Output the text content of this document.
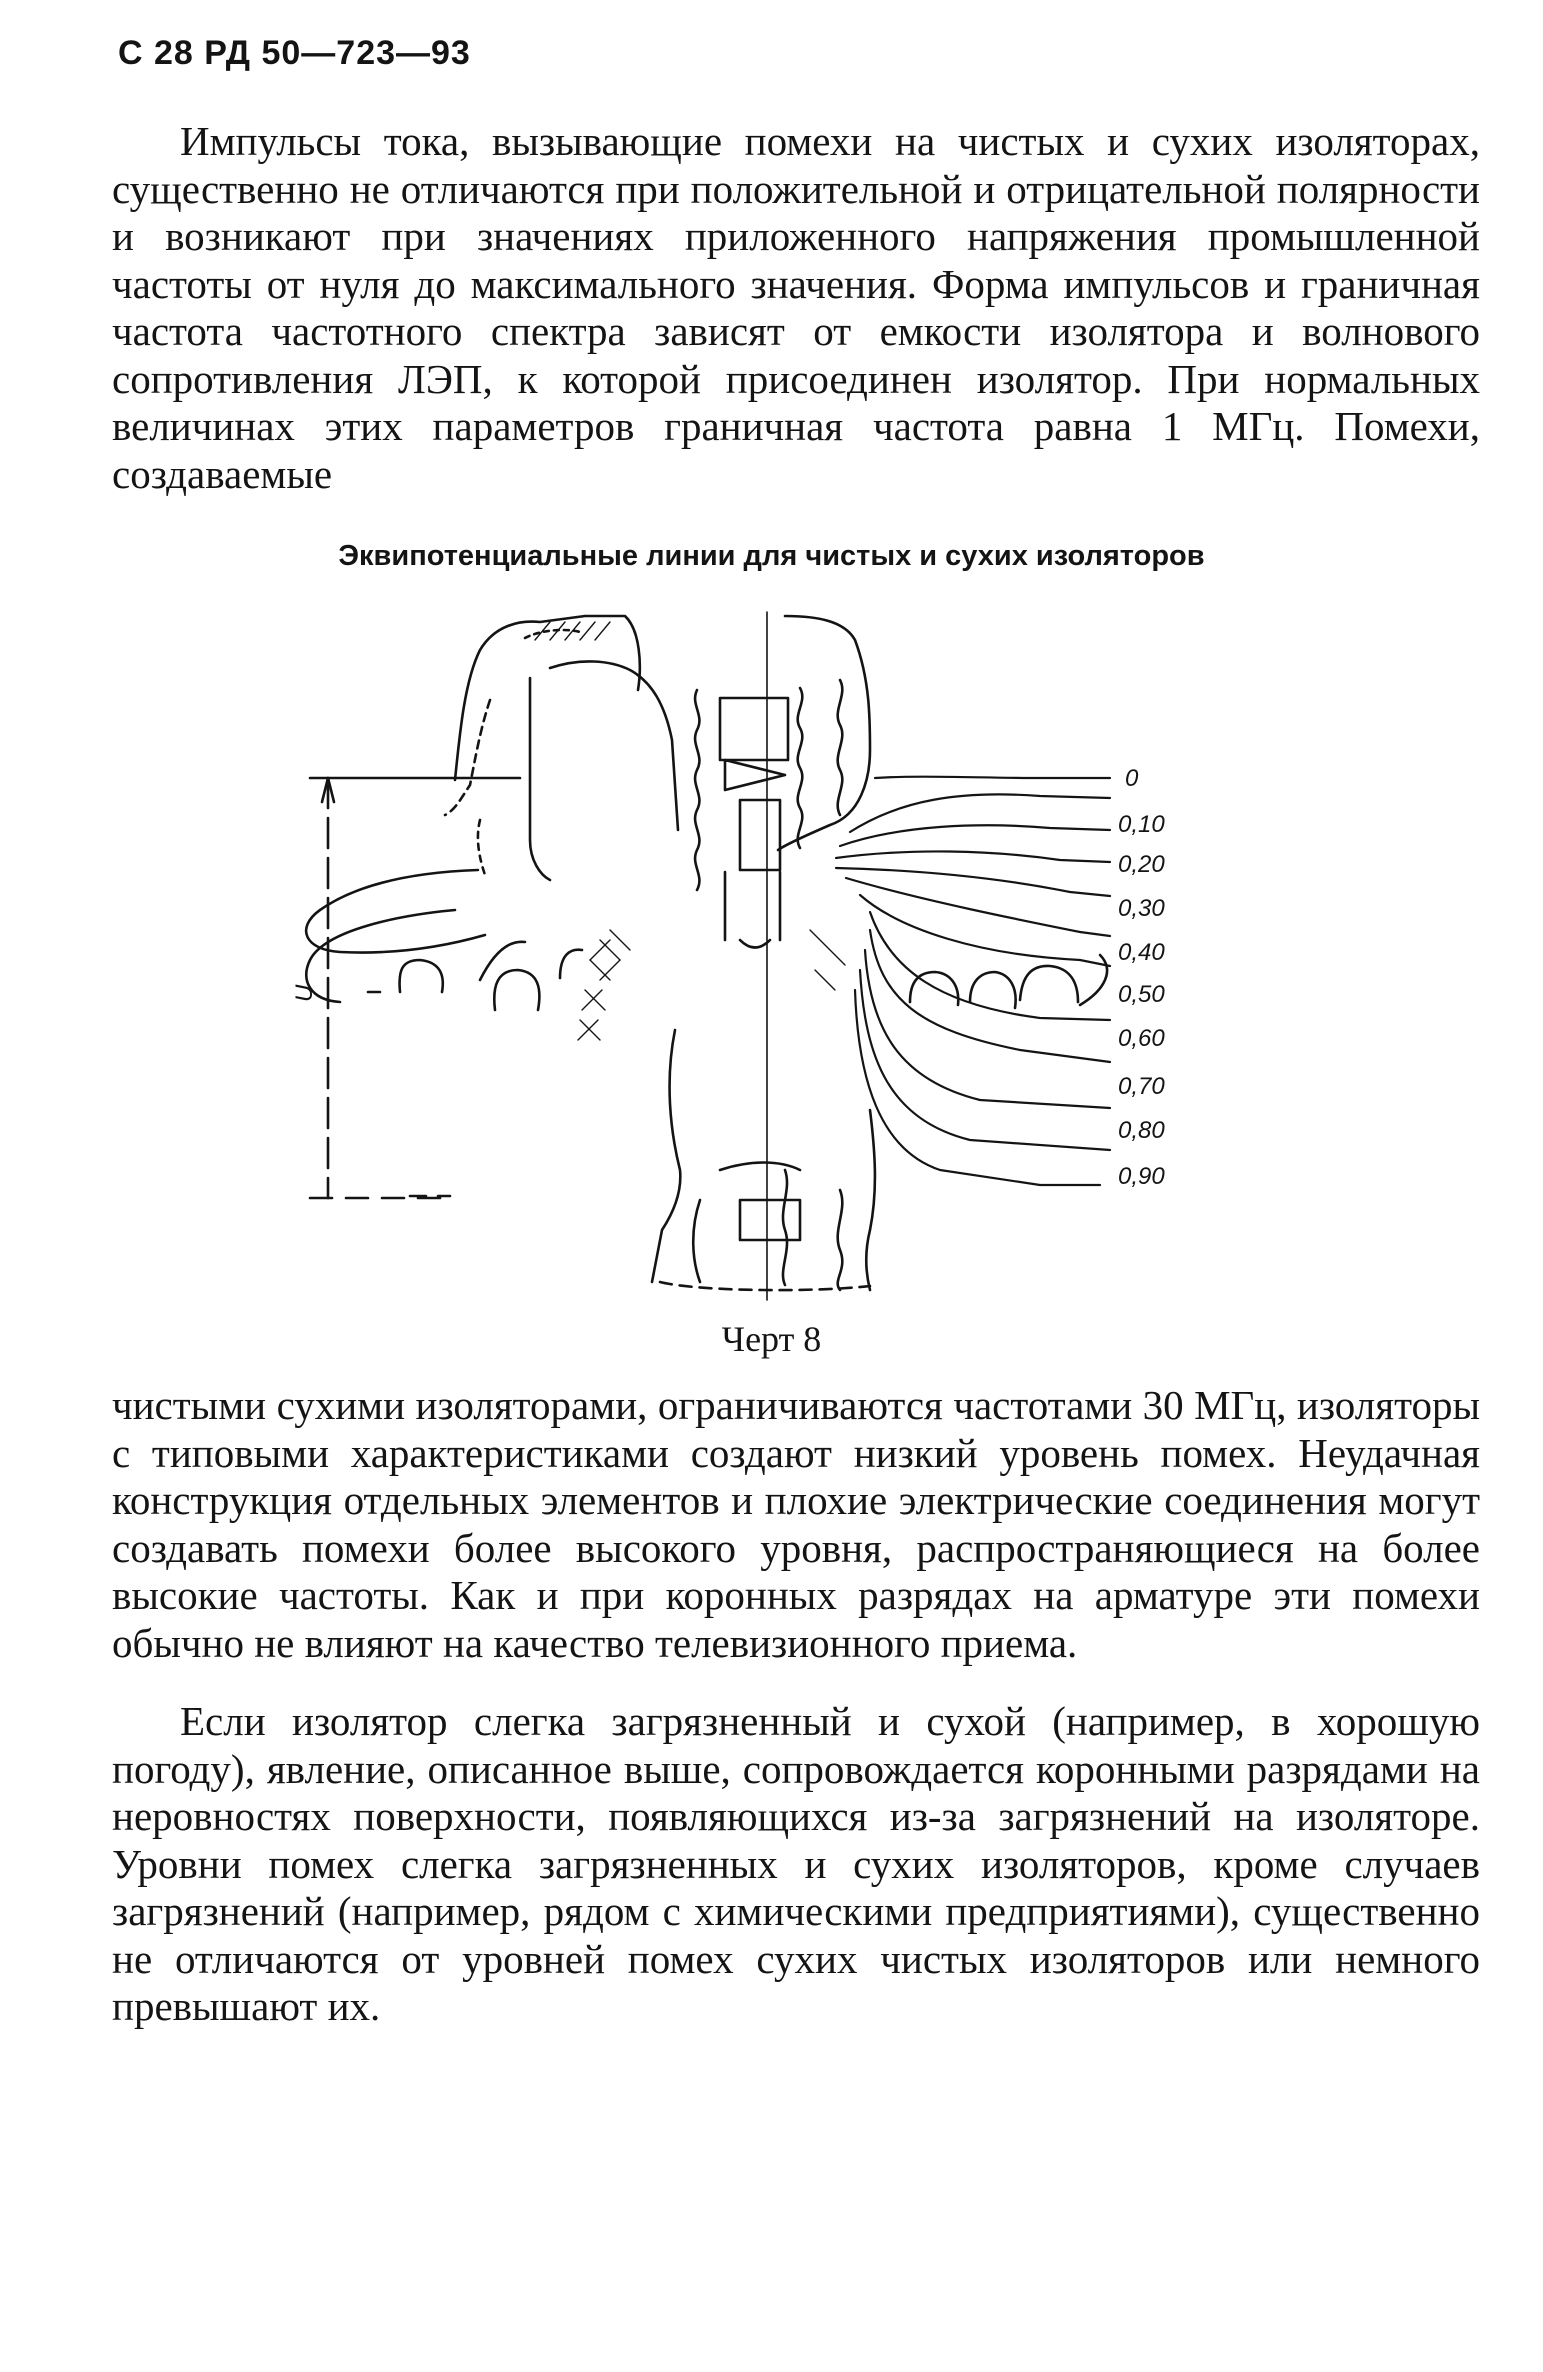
С 28 РД 50—723—93

Импульсы тока, вызывающие помехи на чистых и сухих изоляторах, существенно не отличаются при положительной и отрицательной полярности и возникают при значениях приложенного напряжения промышленной частоты от нуля до максимального значения. Форма импульсов и граничная частота частотного спектра зависят от емкости изолятора и волнового сопротивления ЛЭП, к которой присоединен изолятор. При нормальных величинах этих параметров граничная частота равна 1 МГц. Помехи, создаваемые

Эквипотенциальные линии для чистых и сухих изоляторов
0
0,10
0,20
0,30
0,40
0,50
0,60
0,70
0,80
0,90
U
Черт 8

чистыми сухими изоляторами, ограничиваются частотами 30 МГц, изоляторы с типовыми характеристиками создают низкий уровень помех. Неудачная конструкция отдельных элементов и плохие электрические соединения могут создавать помехи более высокого уровня, распространяющиеся на более высокие частоты. Как и при коронных разрядах на арматуре эти помехи обычно не влияют на качество телевизионного приема.

Если изолятор слегка загрязненный и сухой (например, в хорошую погоду), явление, описанное выше, сопровождается коронными разрядами на неровностях поверхности, появляющихся из-за загрязнений на изоляторе. Уровни помех слегка загрязненных и сухих изоляторов, кроме случаев загрязнений (например, рядом с химическими предприятиями), существенно не отличаются от уровней помех сухих чистых изоляторов или немного превышают их.
